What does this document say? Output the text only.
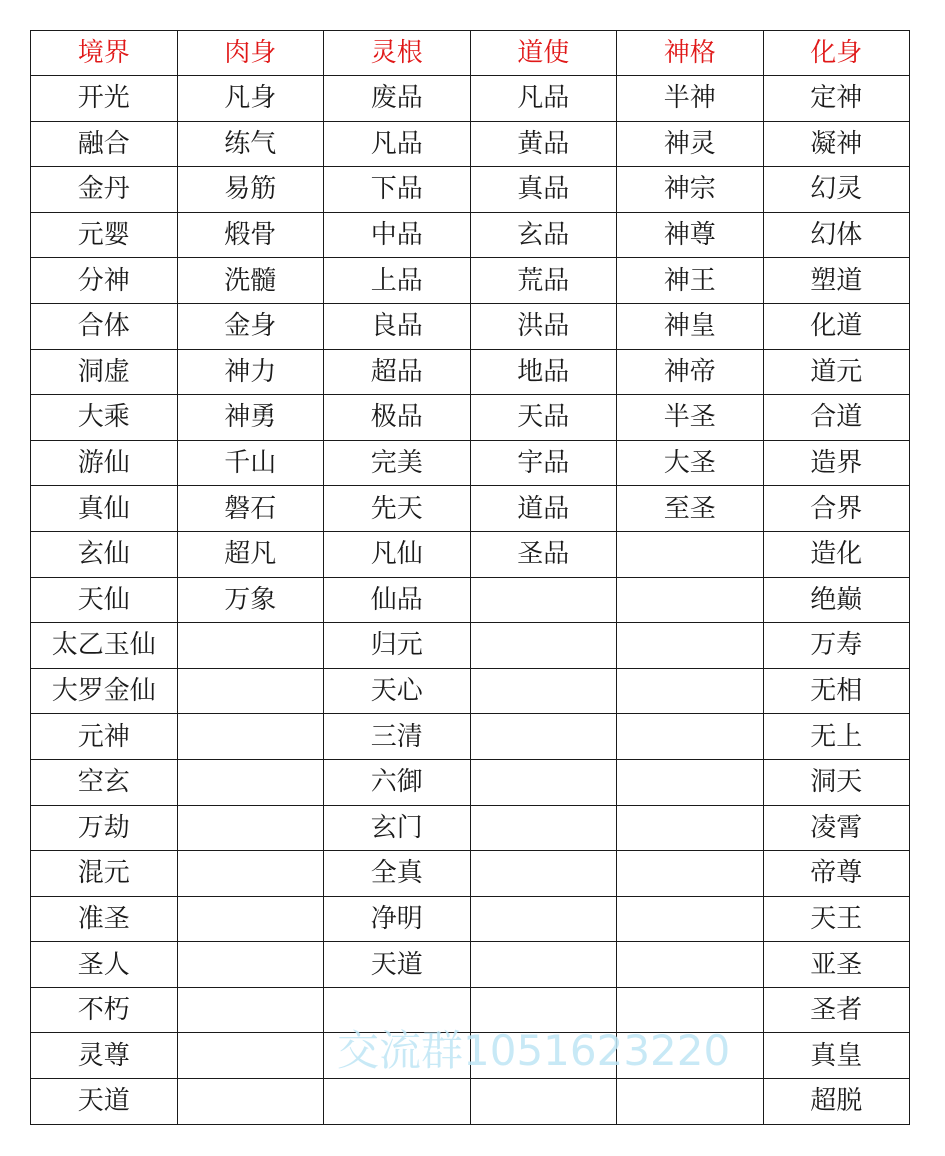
境界	肉身	灵根	道使	神格	化身
开光	凡身	废品	凡品	半神	定神
融合	练气	凡品	黄品	神灵	凝神
金丹	易筋	下品	真品	神宗	幻灵
元婴	煅骨	中品	玄品	神尊	幻体
分神	洗髓	上品	荒品	神王	塑道
合体	金身	良品	洪品	神皇	化道
洞虚	神力	超品	地品	神帝	道元
大乘	神勇	极品	天品	半圣	合道
游仙	千山	完美	宇品	大圣	造界
真仙	磐石	先天	道品	至圣	合界
玄仙	超凡	凡仙	圣品		造化
天仙	万象	仙品			绝巅
太乙玉仙		归元			万寿
大罗金仙		天心			无相
元神		三清			无上
空玄		六御			洞天
万劫		玄门			凌霄
混元		全真			帝尊
准圣		净明			天王
圣人		天道			亚圣
不朽					圣者
灵尊					真皇
天道					超脱
交流群1051623220
